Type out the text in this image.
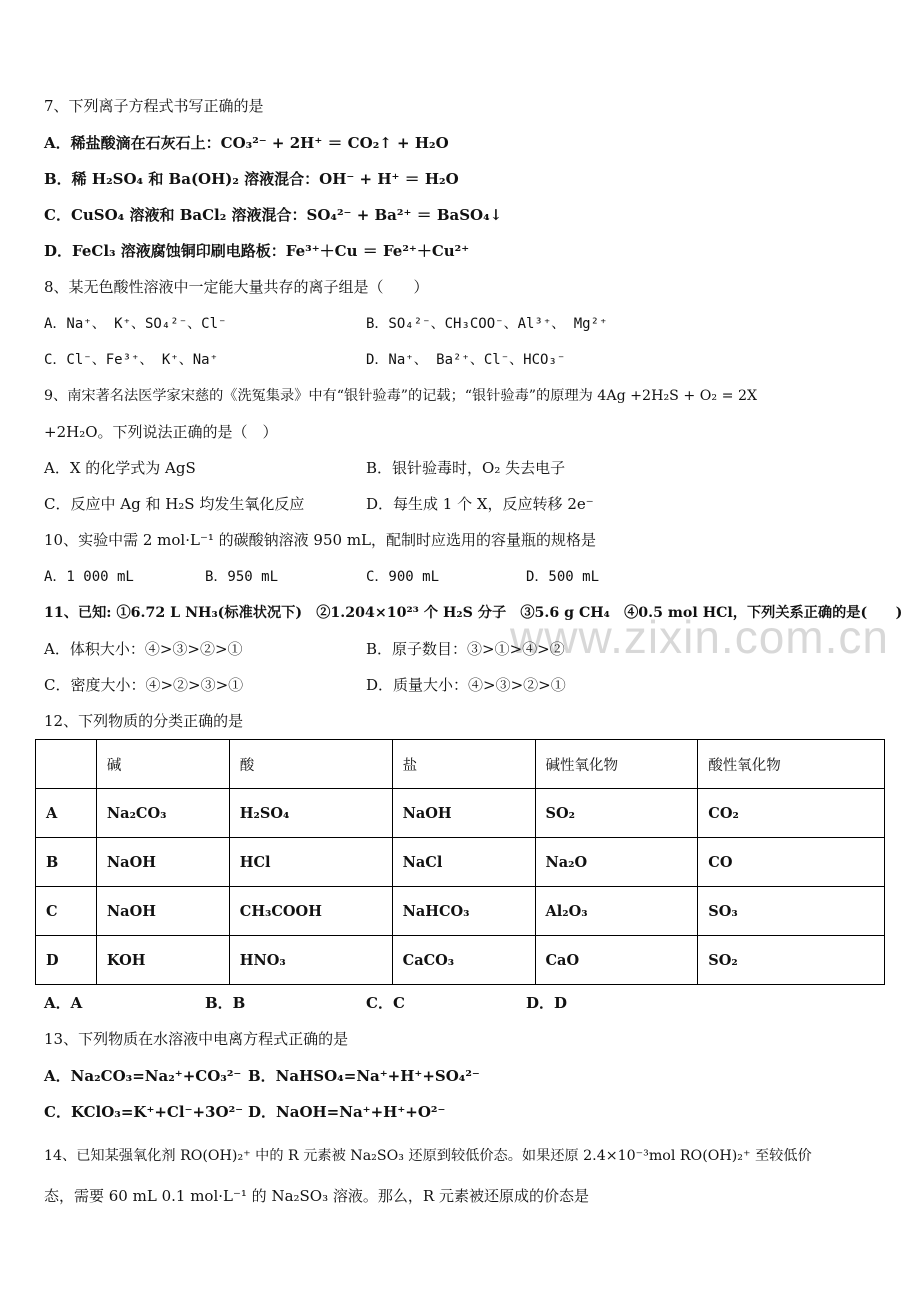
www.zixin.com.cn
7、下列离子方程式书写正确的是
A．稀盐酸滴在石灰石上：CO₃²⁻ + 2H⁺ ＝ CO₂↑ + H₂O
B．稀 H₂SO₄ 和 Ba(OH)₂ 溶液混合：OH⁻ + H⁺ ＝ H₂O
C．CuSO₄ 溶液和 BaCl₂ 溶液混合：SO₄²⁻ + Ba²⁺ ＝ BaSO₄↓
D．FeCl₃ 溶液腐蚀铜印刷电路板：Fe³⁺＋Cu ＝ Fe²⁺＋Cu²⁺
8、某无色酸性溶液中一定能大量共存的离子组是（　　）
A．Na⁺、 K⁺、SO₄²⁻、Cl⁻	B．SO₄²⁻、CH₃COO⁻、Al³⁺、 Mg²⁺
C．Cl⁻、Fe³⁺、 K⁺、Na⁺	D．Na⁺、 Ba²⁺、Cl⁻、HCO₃⁻
9、南宋著名法医学家宋慈的《洗冤集录》中有“银针验毒”的记载；“银针验毒”的原理为 4Ag +2H₂S + O₂ = 2X
+2H₂O。下列说法正确的是（　）
A．X 的化学式为 AgS	B．银针验毒时，O₂ 失去电子
C．反应中 Ag 和 H₂S 均发生氧化反应	D．每生成 1 个 X，反应转移 2e⁻
10、实验中需 2 mol·L⁻¹ 的碳酸钠溶液 950 mL，配制时应选用的容量瓶的规格是
A．1 000 mL	B．950 mL	C．900 mL	D．500 mL
11、已知: ①6.72 L NH₃(标准状况下)　②1.204×10²³ 个 H₂S 分子　③5.6 g CH₄　④0.5 mol HCl，下列关系正确的是(　　)
A．体积大小：④>③>②>①	B．原子数目：③>①>④>②
C．密度大小：④>②>③>①	D．质量大小：④>③>②>①
12、下列物质的分类正确的是
	碱	酸	盐	碱性氧化物	酸性氧化物
A	Na₂CO₃	H₂SO₄	NaOH	SO₂	CO₂
B	NaOH	HCl	NaCl	Na₂O	CO
C	NaOH	CH₃COOH	NaHCO₃	Al₂O₃	SO₃
D	KOH	HNO₃	CaCO₃	CaO	SO₂
A．A	B．B	C．C	D．D
13、下列物质在水溶液中电离方程式正确的是
A．Na₂CO₃=Na₂⁺+CO₃²⁻ B．NaHSO₄=Na⁺+H⁺+SO₄²⁻
C．KClO₃=K⁺+Cl⁻+3O²⁻ D．NaOH=Na⁺+H⁺+O²⁻
14、已知某强氧化剂 RO(OH)₂⁺ 中的 R 元素被 Na₂SO₃ 还原到较低价态。如果还原 2.4×10⁻³mol RO(OH)₂⁺ 至较低价
态，需要 60 mL 0.1 mol·L⁻¹ 的 Na₂SO₃ 溶液。那么，R 元素被还原成的价态是
